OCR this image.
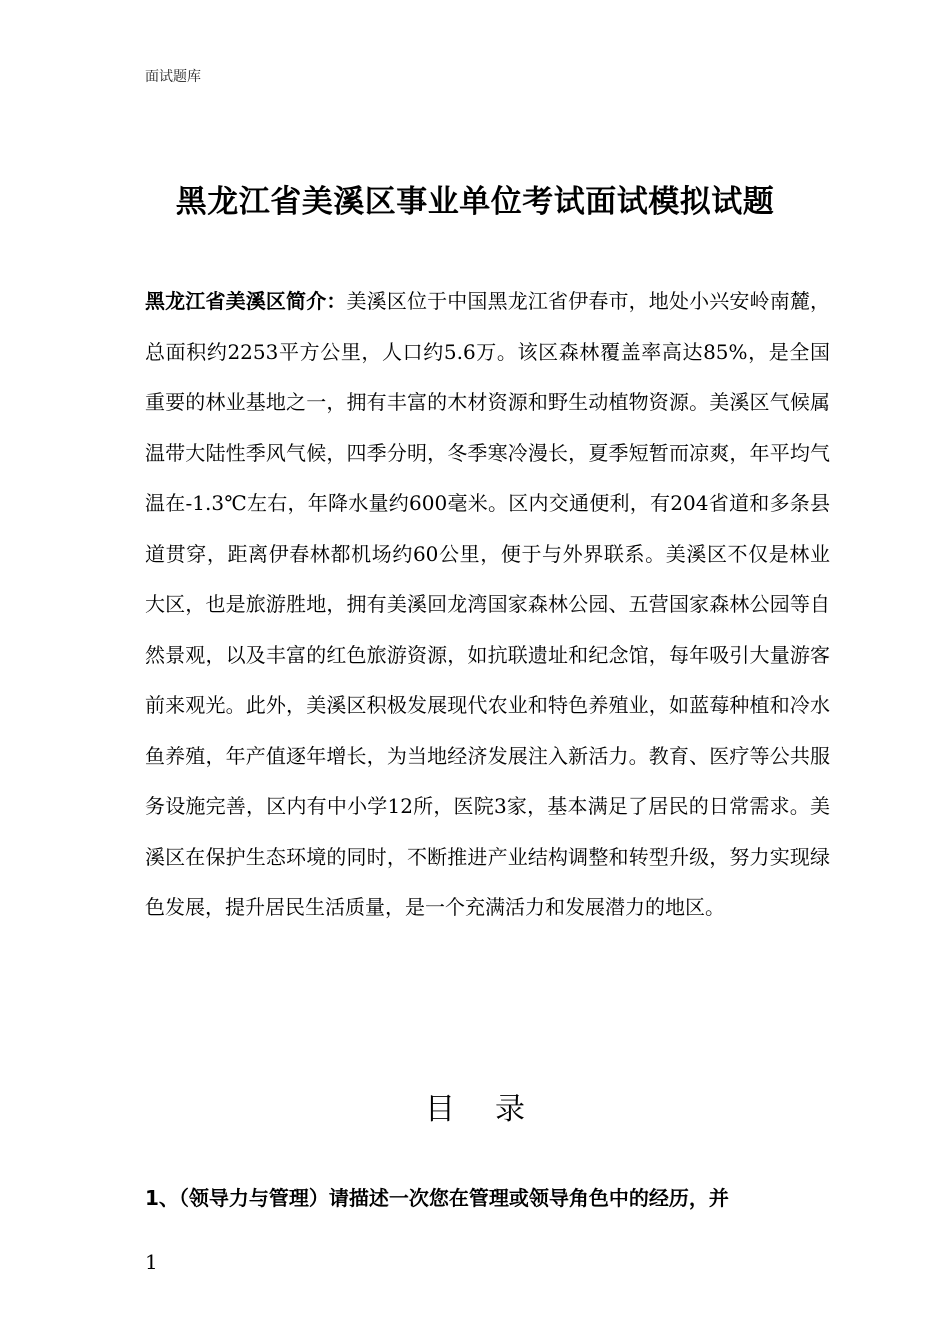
面试题库
黑龙江省美溪区事业单位考试面试模拟试题
黑龙江省美溪区简介：美溪区位于中国黑龙江省伊春市，地处小兴安岭南麓，总面积约2253平方公里，人口约5.6万。该区森林覆盖率高达85%，是全国重要的林业基地之一，拥有丰富的木材资源和野生动植物资源。美溪区气候属温带大陆性季风气候，四季分明，冬季寒冷漫长，夏季短暂而凉爽，年平均气温在-1.3℃左右，年降水量约600毫米。区内交通便利，有204省道和多条县道贯穿，距离伊春林都机场约60公里，便于与外界联系。美溪区不仅是林业大区，也是旅游胜地，拥有美溪回龙湾国家森林公园、五营国家森林公园等自然景观，以及丰富的红色旅游资源，如抗联遗址和纪念馆，每年吸引大量游客前来观光。此外，美溪区积极发展现代农业和特色养殖业，如蓝莓种植和冷水鱼养殖，年产值逐年增长，为当地经济发展注入新活力。教育、医疗等公共服务设施完善，区内有中小学12所，医院3家，基本满足了居民的日常需求。美溪区在保护生态环境的同时，不断推进产业结构调整和转型升级，努力实现绿色发展，提升居民生活质量，是一个充满活力和发展潜力的地区。
目录
1、（领导力与管理）请描述一次您在管理或领导角色中的经历，并
1
